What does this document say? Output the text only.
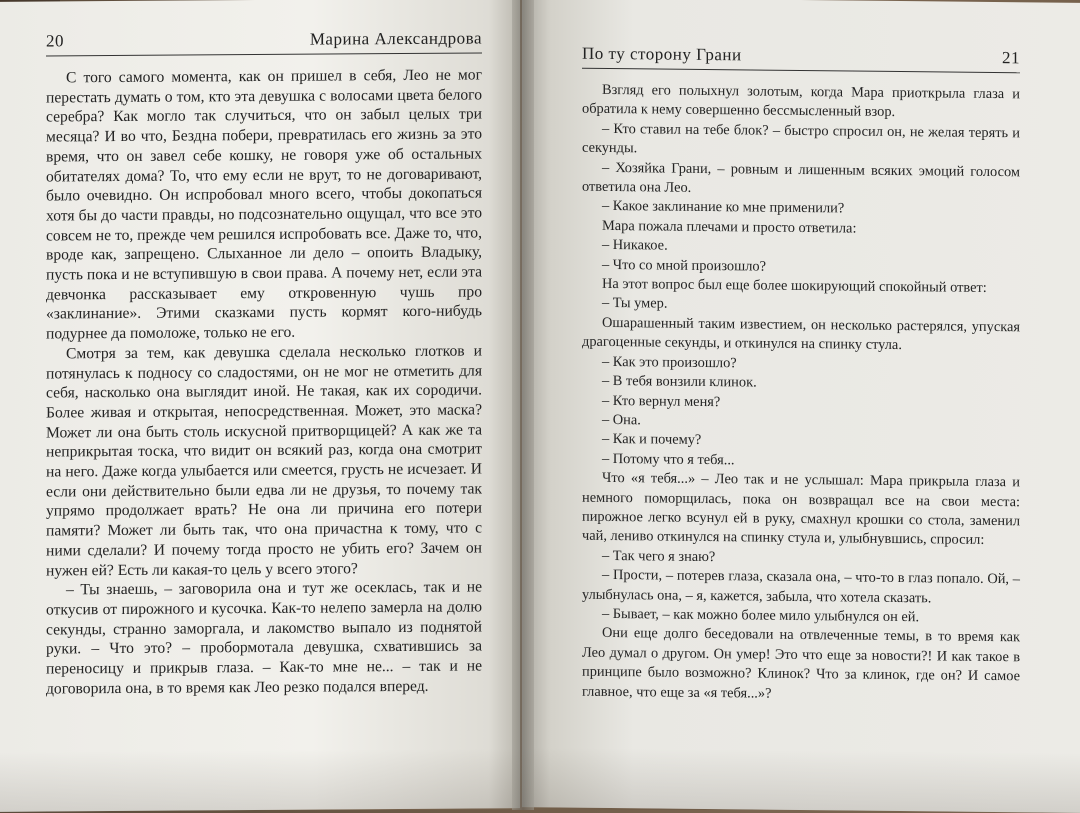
20	Марина Александрова

С того самого момента, как он пришел в себя, Лео не мог перестать думать о том, кто эта девушка с волосами цвета белого серебра? Как могло так случиться, что он забыл целых три месяца? И во что, Бездна побери, превратилась его жизнь за это время, что он завел себе кошку, не говоря уже об остальных обитателях дома? То, что ему если не врут, то не договаривают, было очевидно. Он испробовал много всего, чтобы докопаться хотя бы до части правды, но подсознательно ощущал, что все это совсем не то, прежде чем решился испробовать все. Даже то, что, вроде как, запрещено. Слыханное ли дело – опоить Владыку, пусть пока и не вступившую в свои права. А почему нет, если эта девчонка рассказывает ему откровенную чушь про «заклинание». Этими сказками пусть кормят кого-нибудь подурнее да помоложе, только не его.

Смотря за тем, как девушка сделала несколько глотков и потянулась к подносу со сладостями, он не мог не отметить для себя, насколько она выглядит иной. Не такая, как их сородичи. Более живая и открытая, непосредственная. Может, это маска? Может ли она быть столь искусной притворщицей? А как же та неприкрытая тоска, что видит он всякий раз, когда она смотрит на него. Даже когда улыбается или смеется, грусть не исчезает. И если они действительно были едва ли не друзья, то почему так упрямо продолжает врать? Не она ли причина его потери памяти? Может ли быть так, что она причастна к тому, что с ними сделали? И почему тогда просто не убить его? Зачем он нужен ей? Есть ли какая-то цель у всего этого?

– Ты знаешь, – заговорила она и тут же осеклась, так и не откусив от пирожного и кусочка. Как-то нелепо замерла на долю секунды, странно заморгала, и лакомство выпало из поднятой руки. – Что это? – пробормотала девушка, схватившись за переносицу и прикрыв глаза. – Как-то мне не... – так и не договорила она, в то время как Лео резко подался вперед.

По ту сторону Грани	21

Взгляд его полыхнул золотым, когда Мара приоткрыла глаза и обратила к нему совершенно бессмысленный взор.

– Кто ставил на тебе блок? – быстро спросил он, не желая терять и секунды.

– Хозяйка Грани, – ровным и лишенным всяких эмоций голосом ответила она Лео.

– Какое заклинание ко мне применили?

Мара пожала плечами и просто ответила:

– Никакое.

– Что со мной произошло?

На этот вопрос был еще более шокирующий спокойный ответ:

– Ты умер.

Ошарашенный таким известием, он несколько растерялся, упуская драгоценные секунды, и откинулся на спинку стула.

– Как это произошло?

– В тебя вонзили клинок.

– Кто вернул меня?

– Она.

– Как и почему?

– Потому что я тебя...

Что «я тебя...» – Лео так и не услышал: Мара прикрыла глаза и немного поморщилась, пока он возвращал все на свои места: пирожное легко всунул ей в руку, смахнул крошки со стола, заменил чай, лениво откинулся на спинку стула и, улыбнувшись, спросил:

– Так чего я знаю?

– Прости, – потерев глаза, сказала она, – что-то в глаз попало. Ой, – улыбнулась она, – я, кажется, забыла, что хотела сказать.

– Бывает, – как можно более мило улыбнулся он ей.

Они еще долго беседовали на отвлеченные темы, в то время как Лео думал о другом. Он умер! Это что еще за новости?! И как такое в принципе было возможно? Клинок? Что за клинок, где он? И самое главное, что еще за «я тебя...»?
